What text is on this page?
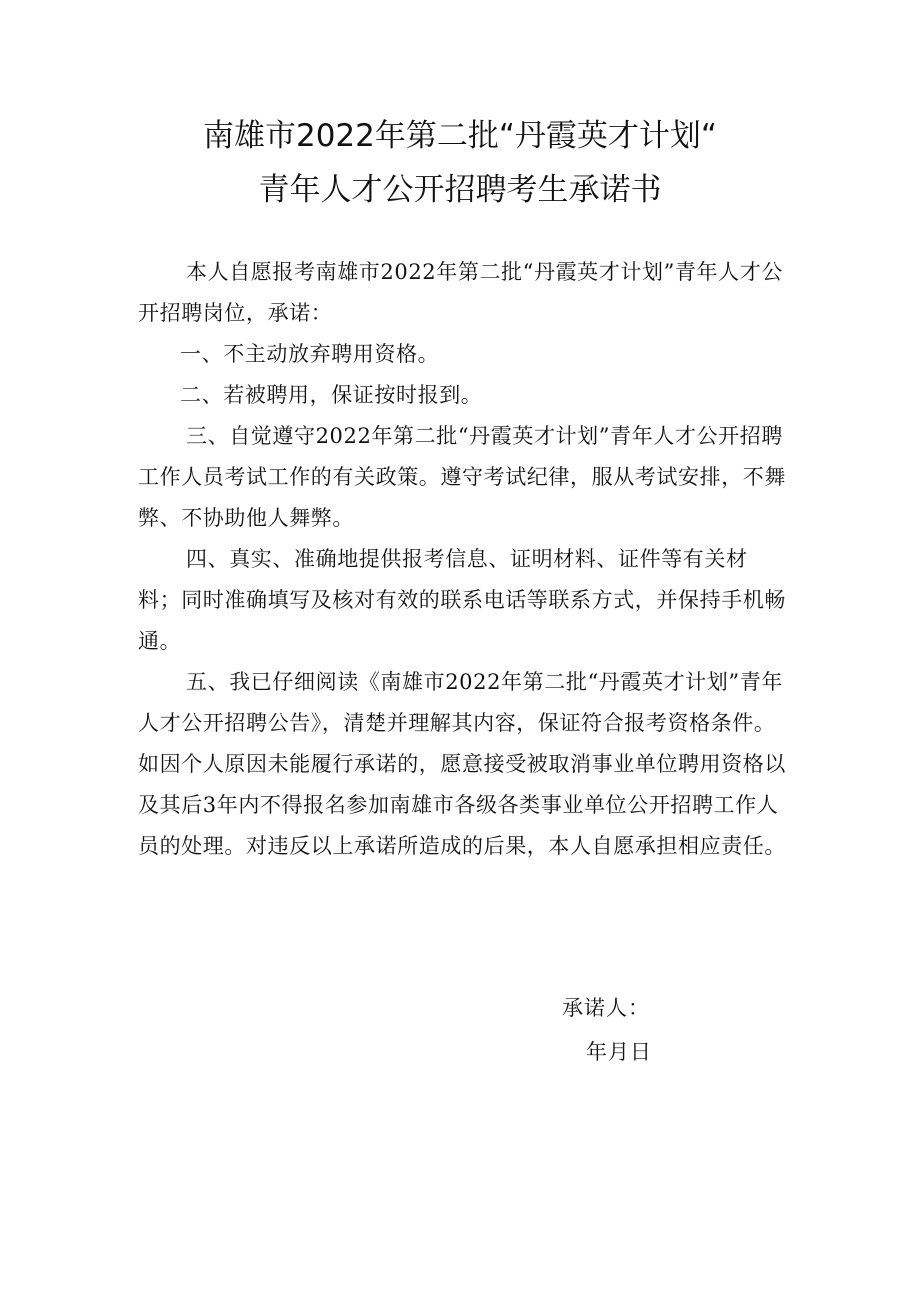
南雄市2022年第二批“丹霞英才计划“
青年人才公开招聘考生承诺书

本人自愿报考南雄市2022年第二批“丹霞英才计划”青年人才公开招聘岗位，承诺：

一、不主动放弃聘用资格。

二、若被聘用，保证按时报到。

三、自觉遵守2022年第二批“丹霞英才计划”青年人才公开招聘工作人员考试工作的有关政策。遵守考试纪律，服从考试安排，不舞弊、不协助他人舞弊。

四、真实、准确地提供报考信息、证明材料、证件等有关材料；同时准确填写及核对有效的联系电话等联系方式，并保持手机畅通。

五、我已仔细阅读《南雄市2022年第二批“丹霞英才计划”青年人才公开招聘公告》，清楚并理解其内容，保证符合报考资格条件。如因个人原因未能履行承诺的，愿意接受被取消事业单位聘用资格以及其后3年内不得报名参加南雄市各级各类事业单位公开招聘工作人员的处理。对违反以上承诺所造成的后果，本人自愿承担相应责任。

承诺人：
年月日
